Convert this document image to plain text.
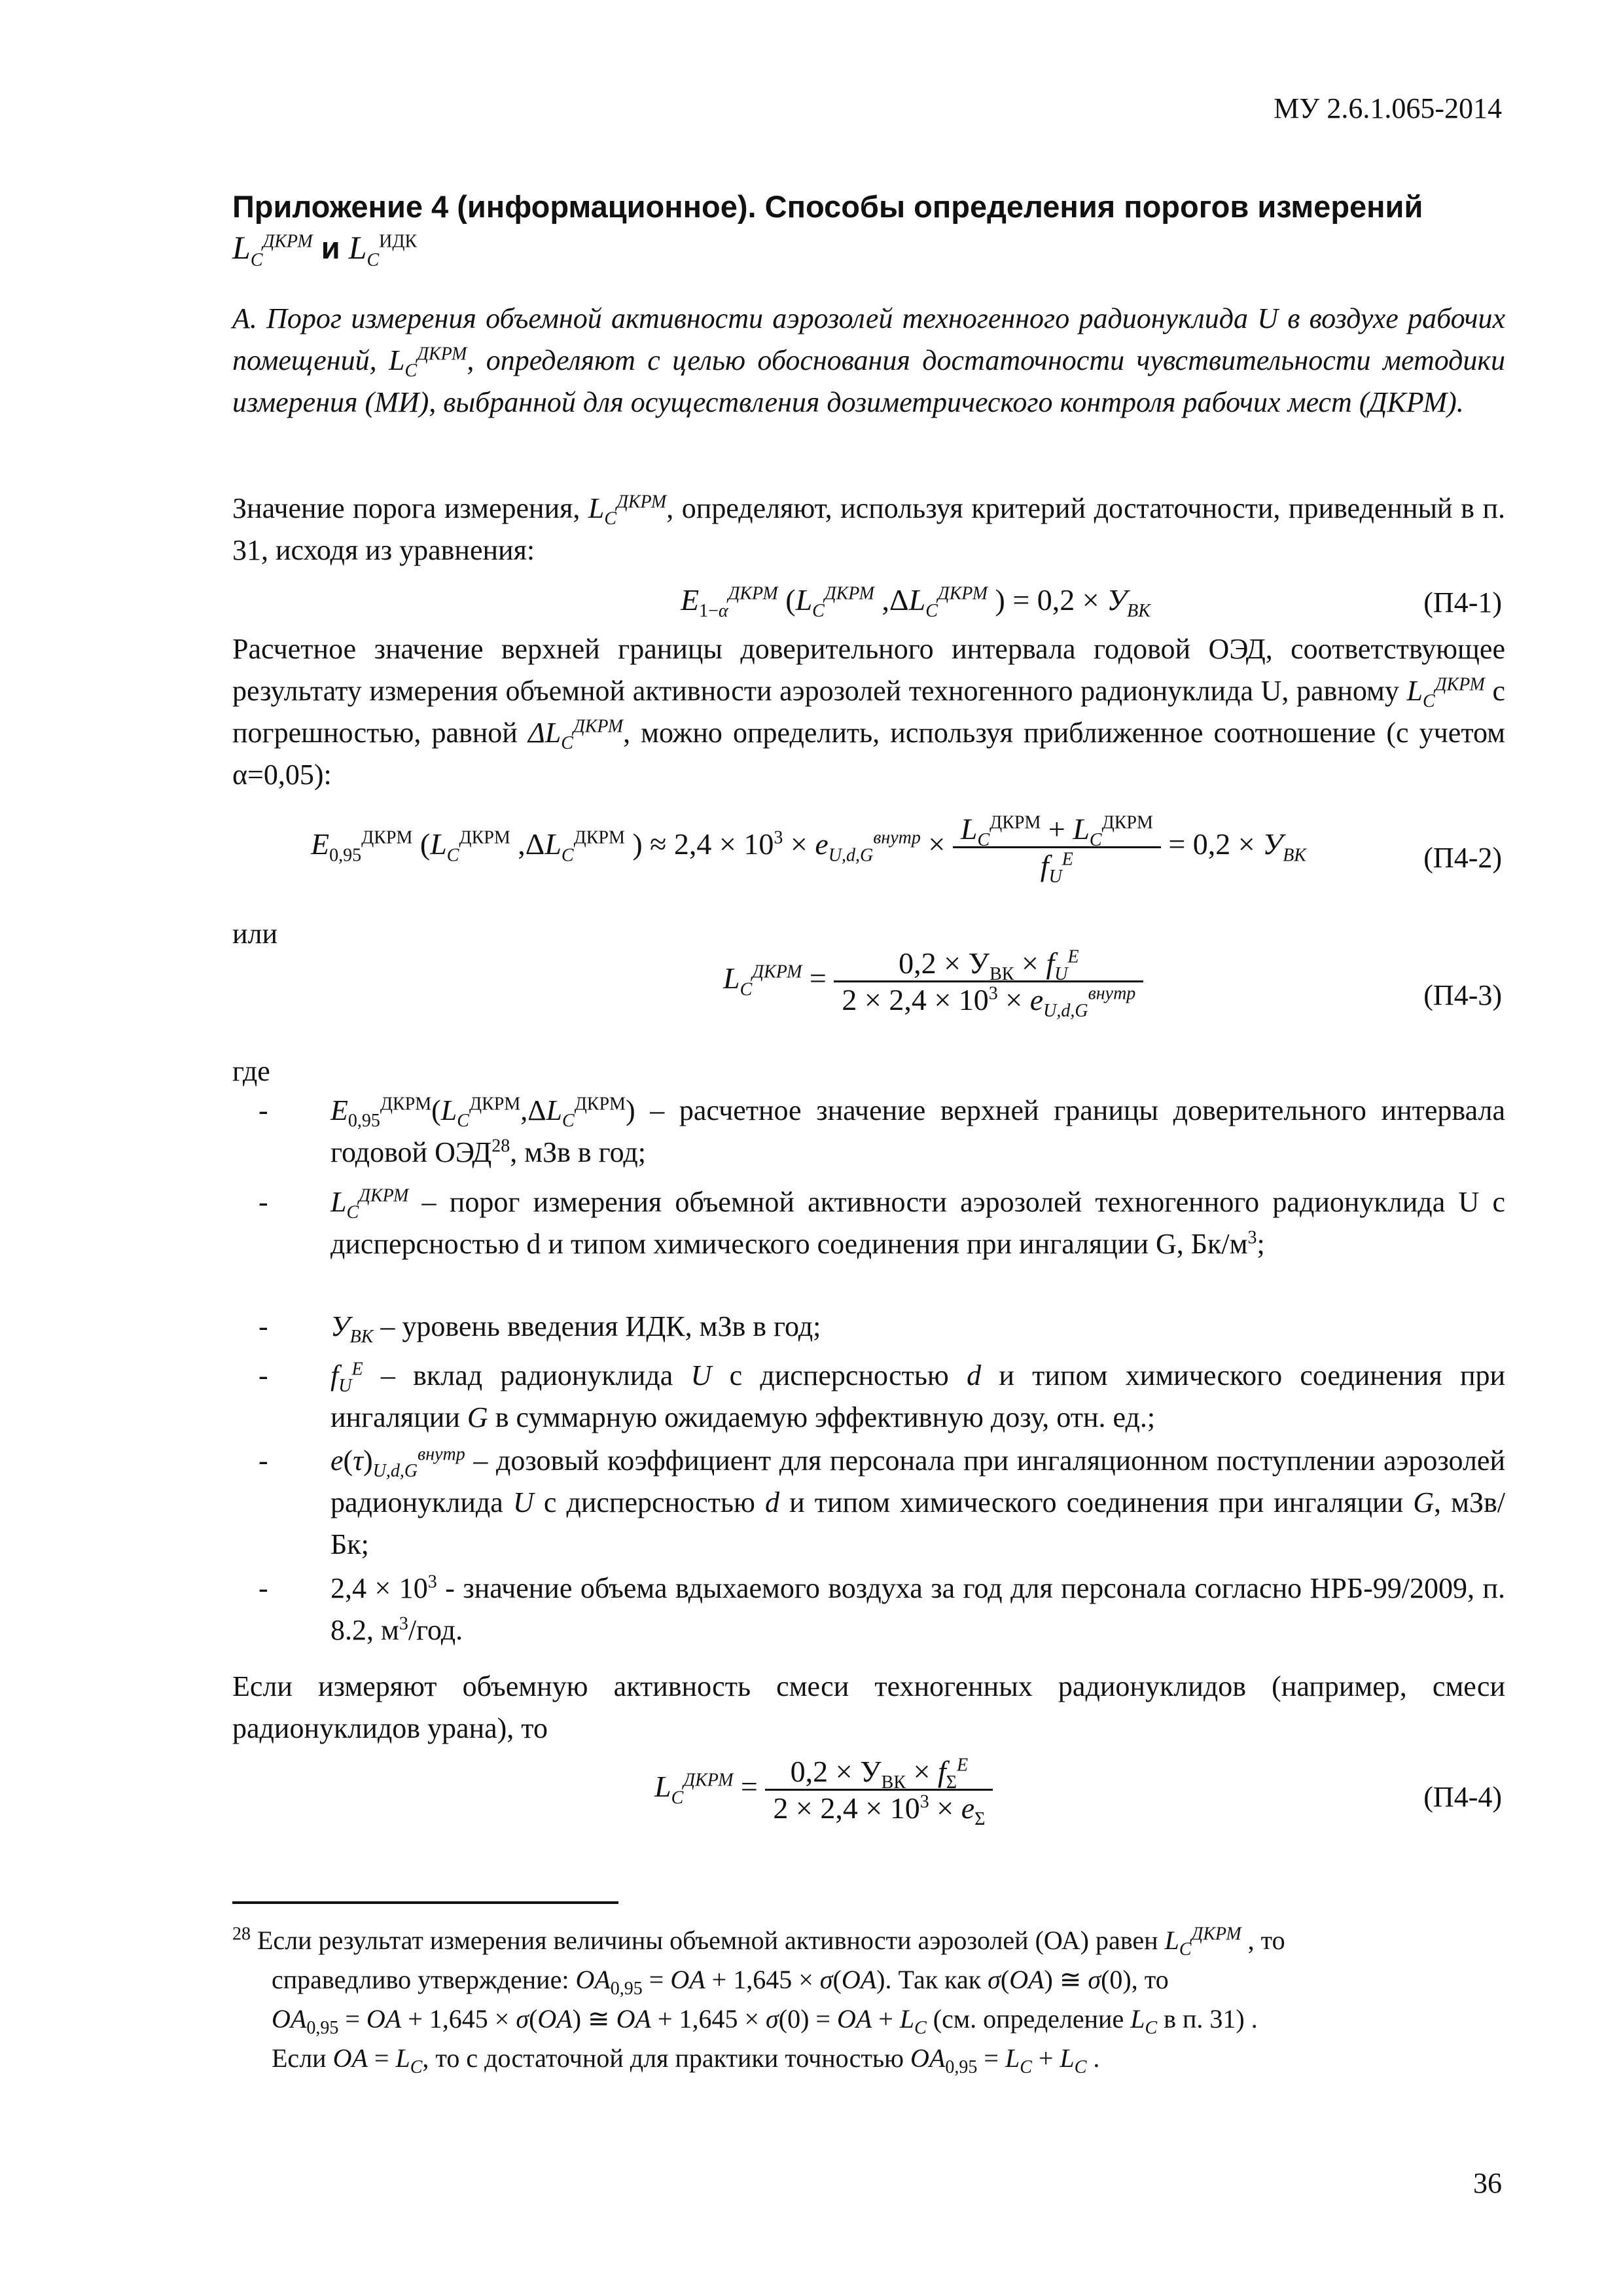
МУ 2.6.1.065-2014
Приложение 4 (информационное). Способы определения порогов измерений
$L_C^{ДКРМ}$ и $L_C^{ИДК}$
А. Порог измерения объемной активности аэрозолей техногенного радионуклида U в воздухе рабочих помещений, $L_C^{ДКРМ}$, определяют с целью обоснования достаточности чувствительности методики измерения (МИ), выбранной для осуществления дозиметрического контроля рабочих мест (ДКРМ).
Значение порога измерения, $L_C^{ДКРМ}$, определяют, используя критерий достаточности, приведенный в п. 31, исходя из уравнения:
$E_{1-\alpha}^{ДКРМ}$ ($L_C^{ДКРМ}$ $,\Delta L_C^{ДКРМ}$ ) = $0,2 \times У_{ВК}$	(П4-1)
Расчетное значение верхней границы доверительного интервала годовой ОЭД, соответствующее результату измерения объемной активности аэрозолей техногенного радионуклида U, равному $L_C^{ДКРМ}$ с погрешностью, равной $\Delta L_C^{ДКРМ}$, можно определить, используя приближенное соотношение (с учетом α=0,05):
$E_{0,95}^{ДКРМ}$ ($L_C^{ДКРМ}$ $,\Delta L_C^{ДКРМ}$ ) ≈ $2,4 \times 10^3 \times e_{U,d,G}^{внутр} \times \frac{L_C^{ДКРМ} + L_C^{ДКРМ}}{f_U^E} = 0,2 \times У_{ВК}$	(П4-2)
или
$L_C^{ДКРМ} = \frac{0,2 \times У_{ВК} \times f_U^E}{2 \times 2,4 \times 10^3 \times e_{U,d,G}^{внутр}}$	(П4-3)
где
- $E_{0,95}^{ДКРМ}(L_C^{ДКРМ},\Delta L_C^{ДКРМ})$ – расчетное значение верхней границы доверительного интервала годовой ОЭД$^{28}$, мЗв в год;
- $L_C^{ДКРМ}$ – порог измерения объемной активности аэрозолей техногенного радионуклида U с дисперсностью d и типом химического соединения при ингаляции G, $Бк/м^3$;
- $У_{ВК}$ – уровень введения ИДК, мЗв в год;
- $f_U^E$ – вклад радионуклида U с дисперсностью d и типом химического соединения при ингаляции G в суммарную ожидаемую эффективную дозу, отн. ед.;
- $e(\tau)_{U,d,G}^{внутр}$ – дозовый коэффициент для персонала при ингаляционном поступлении аэрозолей радионуклида U с дисперсностью d и типом химического соединения при ингаляции G, мЗв/Бк;
- $2,4 \times 10^3$ - значение объема вдыхаемого воздуха за год для персонала согласно НРБ-99/2009, п. 8.2, $м^3$/год.
Если измеряют объемную активность смеси техногенных радионуклидов (например, смеси радионуклидов урана), то
$L_C^{ДКРМ} = \frac{0,2 \times У_{ВК} \times f_\Sigma^E}{2 \times 2,4 \times 10^3 \times e_\Sigma}$	(П4-4)
$^{28}$ Если результат измерения величины объемной активности аэрозолей (ОА) равен $L_C^{ДКРМ}$ , то
справедливо утверждение: $OA_{0,95}$ = OA + 1,645 × σ(OA). Так как σ(OA) ≅ σ(0), то
$OA_{0,95}$ = OA + 1,645 × σ(OA) ≅ OA + 1,645 × σ(0) = OA + $L_C$ (см. определение $L_C$ в п. 31) .
Если OA = $L_C$, то с достаточной для практики точностью $OA_{0,95} = L_C + L_C$ .
36
